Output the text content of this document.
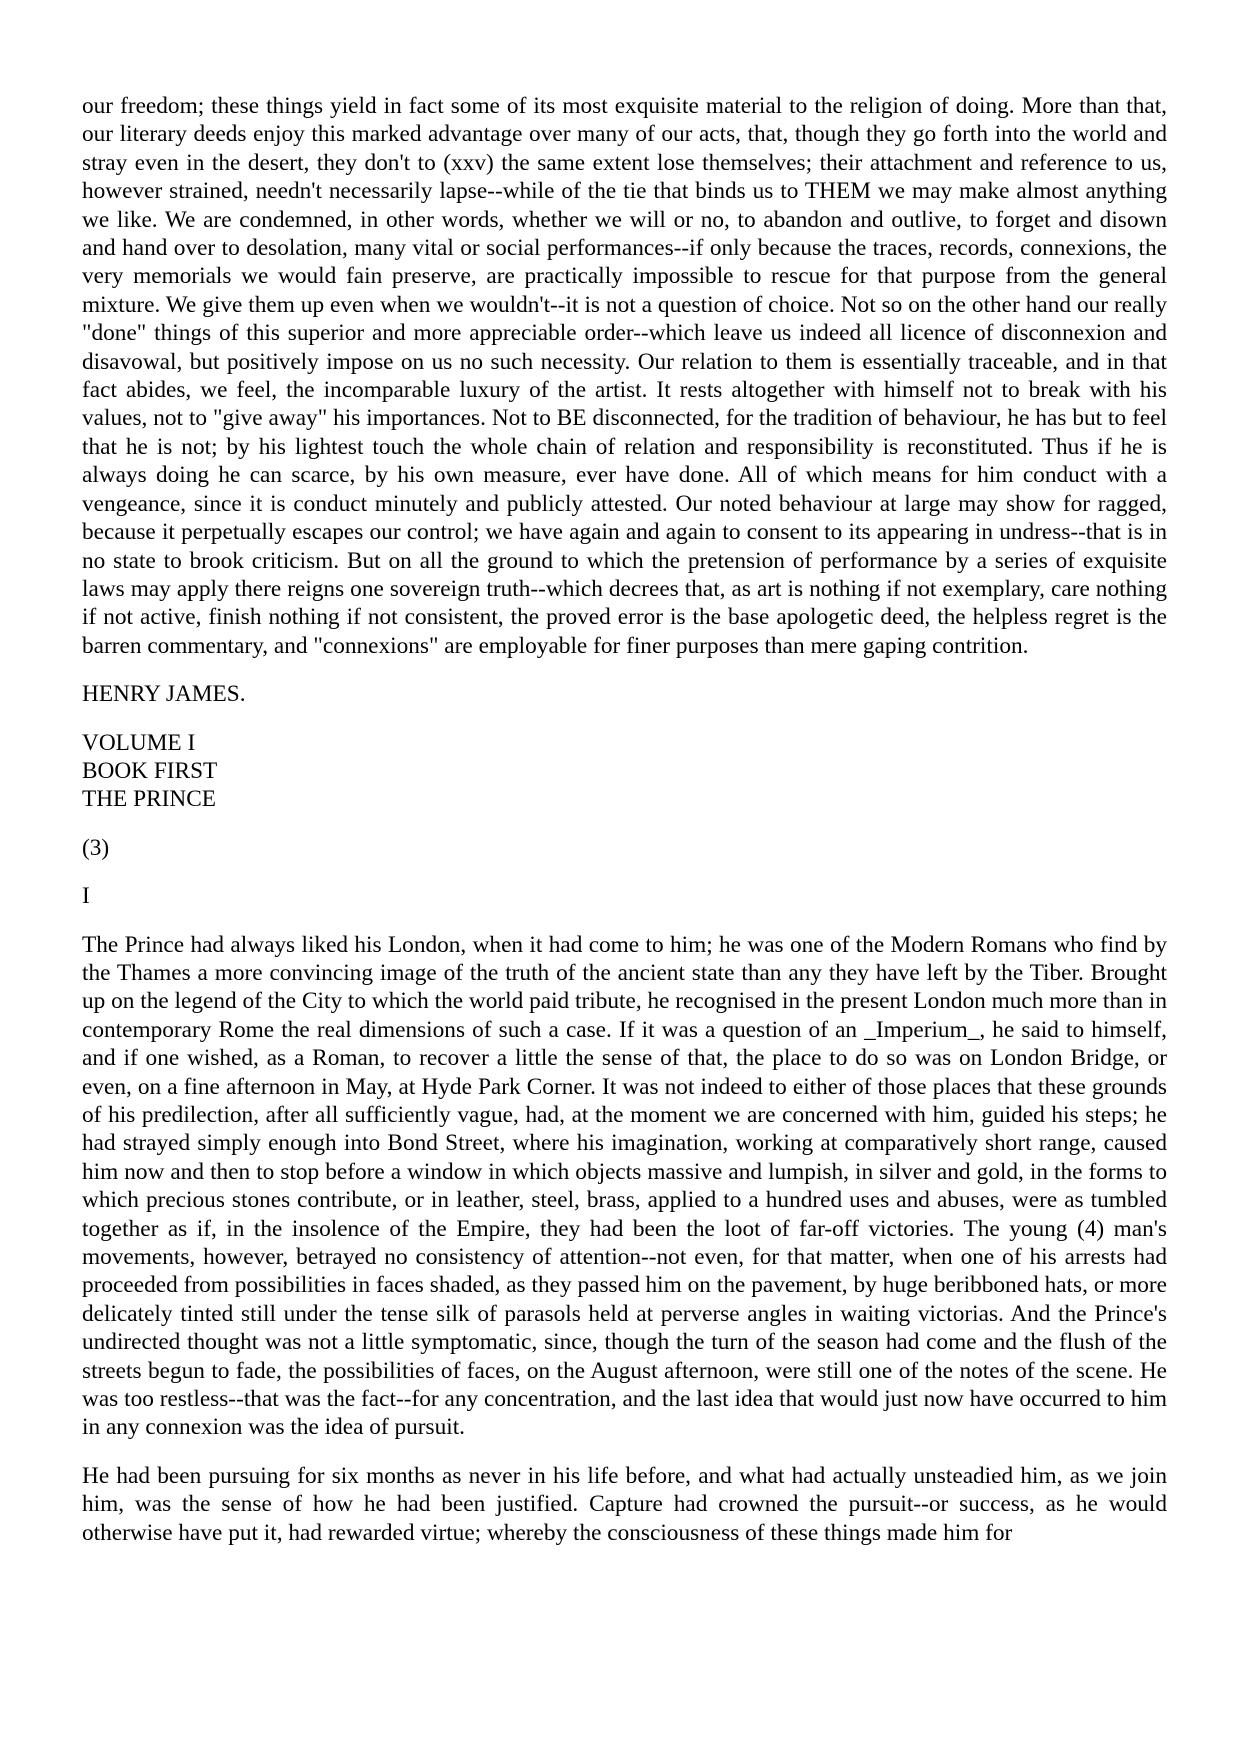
our freedom; these things yield in fact some of its most exquisite material to the religion of doing. More than that, our literary deeds enjoy this marked advantage over many of our acts, that, though they go forth into the world and stray even in the desert, they don't to (xxv) the same extent lose themselves; their attachment and reference to us, however strained, needn't necessarily lapse--while of the tie that binds us to THEM we may make almost anything we like. We are condemned, in other words, whether we will or no, to abandon and outlive, to forget and disown and hand over to desolation, many vital or social performances--if only because the traces, records, connexions, the very memorials we would fain preserve, are practically impossible to rescue for that purpose from the general mixture. We give them up even when we wouldn't--it is not a question of choice. Not so on the other hand our really "done" things of this superior and more appreciable order--which leave us indeed all licence of disconnexion and disavowal, but positively impose on us no such necessity. Our relation to them is essentially traceable, and in that fact abides, we feel, the incomparable luxury of the artist. It rests altogether with himself not to break with his values, not to "give away" his importances. Not to BE disconnected, for the tradition of behaviour, he has but to feel that he is not; by his lightest touch the whole chain of relation and responsibility is reconstituted. Thus if he is always doing he can scarce, by his own measure, ever have done. All of which means for him conduct with a vengeance, since it is conduct minutely and publicly attested. Our noted behaviour at large may show for ragged, because it perpetually escapes our control; we have again and again to consent to its appearing in undress--that is in no state to brook criticism. But on all the ground to which the pretension of performance by a series of exquisite laws may apply there reigns one sovereign truth--which decrees that, as art is nothing if not exemplary, care nothing if not active, finish nothing if not consistent, the proved error is the base apologetic deed, the helpless regret is the barren commentary, and "connexions" are employable for finer purposes than mere gaping contrition.

HENRY JAMES.

VOLUME I
BOOK FIRST
THE PRINCE

(3)

I

The Prince had always liked his London, when it had come to him; he was one of the Modern Romans who find by the Thames a more convincing image of the truth of the ancient state than any they have left by the Tiber. Brought up on the legend of the City to which the world paid tribute, he recognised in the present London much more than in contemporary Rome the real dimensions of such a case. If it was a question of an _Imperium_, he said to himself, and if one wished, as a Roman, to recover a little the sense of that, the place to do so was on London Bridge, or even, on a fine afternoon in May, at Hyde Park Corner. It was not indeed to either of those places that these grounds of his predilection, after all sufficiently vague, had, at the moment we are concerned with him, guided his steps; he had strayed simply enough into Bond Street, where his imagination, working at comparatively short range, caused him now and then to stop before a window in which objects massive and lumpish, in silver and gold, in the forms to which precious stones contribute, or in leather, steel, brass, applied to a hundred uses and abuses, were as tumbled together as if, in the insolence of the Empire, they had been the loot of far-off victories. The young (4) man's movements, however, betrayed no consistency of attention--not even, for that matter, when one of his arrests had proceeded from possibilities in faces shaded, as they passed him on the pavement, by huge beribboned hats, or more delicately tinted still under the tense silk of parasols held at perverse angles in waiting victorias. And the Prince's undirected thought was not a little symptomatic, since, though the turn of the season had come and the flush of the streets begun to fade, the possibilities of faces, on the August afternoon, were still one of the notes of the scene. He was too restless--that was the fact--for any concentration, and the last idea that would just now have occurred to him in any connexion was the idea of pursuit.

He had been pursuing for six months as never in his life before, and what had actually unsteadied him, as we join him, was the sense of how he had been justified. Capture had crowned the pursuit--or success, as he would otherwise have put it, had rewarded virtue; whereby the consciousness of these things made him for
